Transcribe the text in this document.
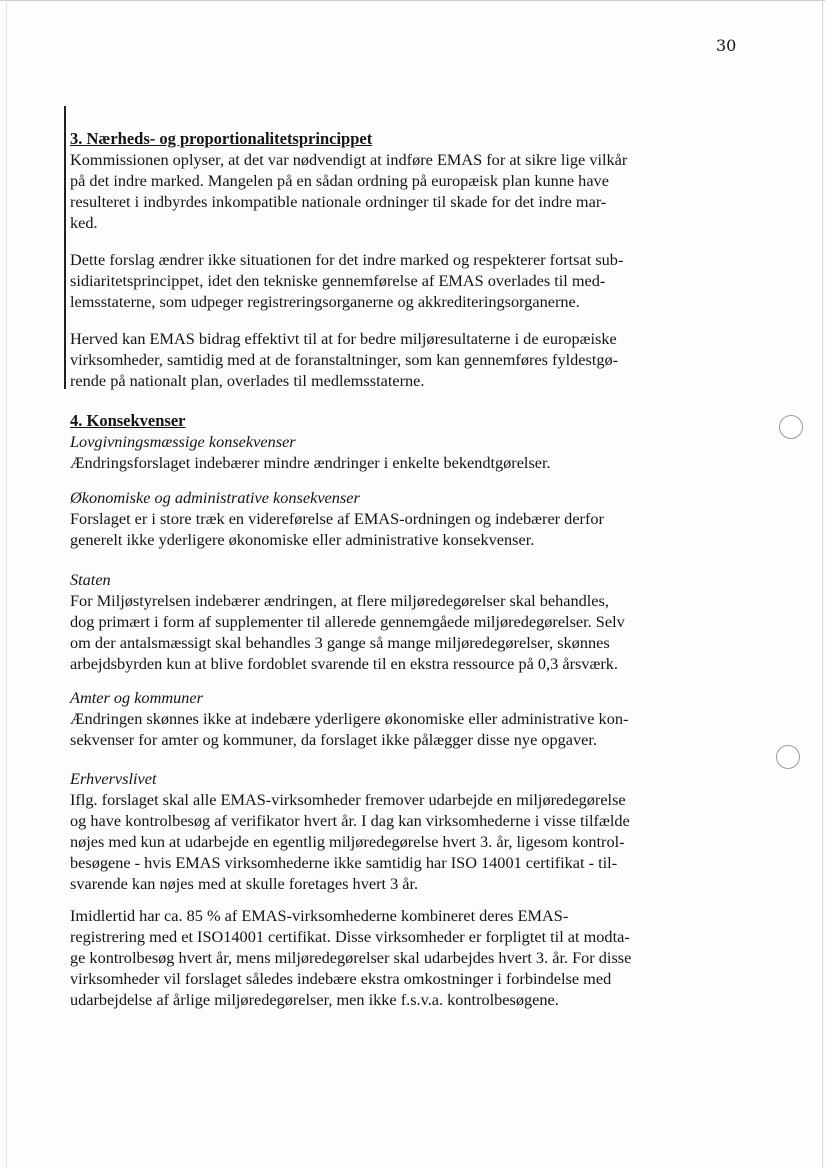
30
3. Nærheds- og proportionalitetsprincippet
Kommissionen oplyser, at det var nødvendigt at indføre EMAS for at sikre lige vilkår
på det indre marked. Mangelen på en sådan ordning på europæisk plan kunne have
resulteret i indbyrdes inkompatible nationale ordninger til skade for det indre mar-
ked.
Dette forslag ændrer ikke situationen for det indre marked og respekterer fortsat sub-
sidiaritetsprincippet, idet den tekniske gennemførelse af EMAS overlades til med-
lemsstaterne, som udpeger registreringsorganerne og akkrediteringsorganerne.
Herved kan EMAS bidrag effektivt til at for bedre miljøresultaterne i de europæiske
virksomheder, samtidig med at de foranstaltninger, som kan gennemføres fyldestgø-
rende på nationalt plan, overlades til medlemsstaterne.
4. Konsekvenser
Lovgivningsmæssige konsekvenser
Ændringsforslaget indebærer mindre ændringer i enkelte bekendtgørelser.
Økonomiske og administrative konsekvenser
Forslaget er i store træk en videreførelse af EMAS-ordningen og indebærer derfor
generelt ikke yderligere økonomiske eller administrative konsekvenser.
Staten
For Miljøstyrelsen indebærer ændringen, at flere miljøredegørelser skal behandles,
dog primært i form af supplementer til allerede gennemgåede miljøredegørelser. Selv
om der antalsmæssigt skal behandles 3 gange så mange miljøredegørelser, skønnes
arbejdsbyrden kun at blive fordoblet svarende til en ekstra ressource på 0,3 årsværk.
Amter og kommuner
Ændringen skønnes ikke at indebære yderligere økonomiske eller administrative kon-
sekvenser for amter og kommuner, da forslaget ikke pålægger disse nye opgaver.
Erhvervslivet
Iflg. forslaget skal alle EMAS-virksomheder fremover udarbejde en miljøredegørelse
og have kontrolbesøg af verifikator hvert år. I dag kan virksomhederne i visse tilfælde
nøjes med kun at udarbejde en egentlig miljøredegørelse hvert 3. år, ligesom kontrol-
besøgene - hvis EMAS virksomhederne ikke samtidig har ISO 14001 certifikat - til-
svarende kan nøjes med at skulle foretages hvert 3 år.
Imidlertid har ca. 85 % af EMAS-virksomhederne kombineret deres EMAS-
registrering med et ISO14001 certifikat. Disse virksomheder er forpligtet til at modta-
ge kontrolbesøg hvert år, mens miljøredegørelser skal udarbejdes hvert 3. år. For disse
virksomheder vil forslaget således indebære ekstra omkostninger i forbindelse med
udarbejdelse af årlige miljøredegørelser, men ikke f.s.v.a. kontrolbesøgene.
